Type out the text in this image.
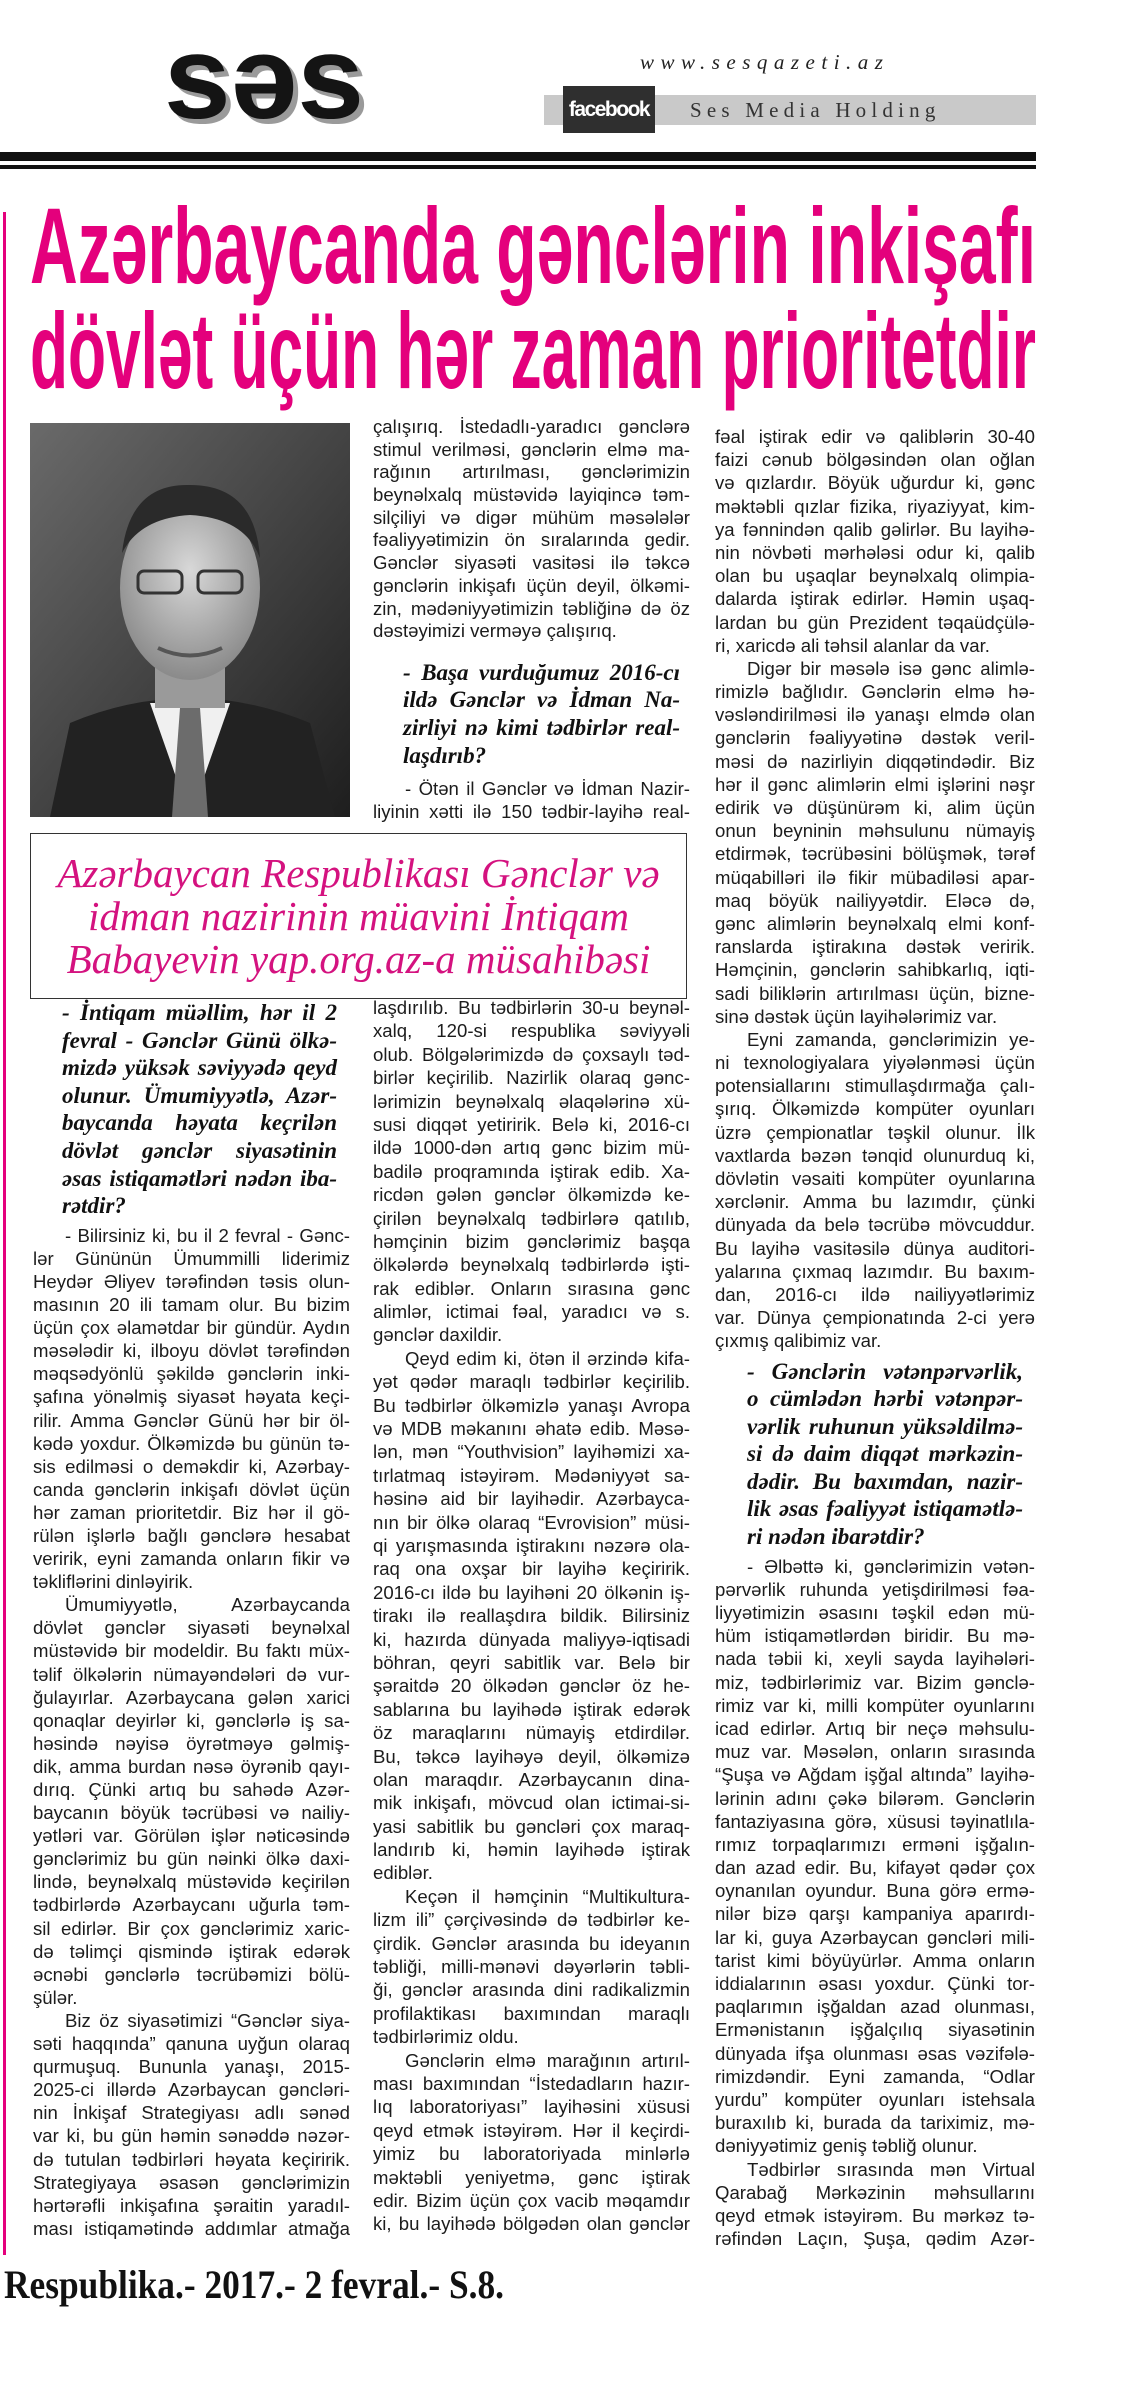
səs	www.sesqazeti.az
facebook Ses Media Holding
Azərbaycanda gənclərin inkişafı
dövlət üçün hər zaman prioritetdir
Azərbaycan Respublikası Gənclər və
idman nazirinin müavini İntiqam
Babayevin yap.org.az-a müsahibəsi
çalışırıq. İstedadlı-yaradıcı gənclərə
stimul verilməsi, gənclərin elmə ma-
rağının artırılması, gənclərimizin
beynəlxalq müstəvidə layiqincə təm-
silçiliyi və digər mühüm məsələlər
fəaliyyətimizin ön sıralarında gedir.
Gənclər siyasəti vasitəsi ilə təkcə
gənclərin inkişafı üçün deyil, ölkəmi-
zin, mədəniyyətimizin təbliğinə də öz
dəstəyimizi verməyə çalışırıq.
- Başa vurduğumuz 2016-cı
ildə Gənclər və İdman Na-
zirliyi nə kimi tədbirlər real-
laşdırıb?
- Ötən il Gənclər və İdman Nazir-
liyinin xətti ilə 150 tədbir-layihə real-
- İntiqam müəllim, hər il 2
fevral - Gənclər Günü ölkə-
mizdə yüksək səviyyədə qeyd
olunur. Ümumiyyətlə, Azər-
baycanda həyata keçrilən
dövlət gənclər siyasətinin
əsas istiqamətləri nədən iba-
rətdir?
- Bilirsiniz ki, bu il 2 fevral - Gənc-
lər Gününün Ümummilli liderimiz
Heydər Əliyev tərəfindən təsis olun-
masının 20 ili tamam olur. Bu bizim
üçün çox əlamətdar bir gündür. Aydın
məsələdir ki, ilboyu dövlət tərəfindən
məqsədyönlü şəkildə gənclərin inki-
şafına yönəlmiş siyasət həyata keçi-
rilir. Amma Gənclər Günü hər bir öl-
kədə yoxdur. Ölkəmizdə bu günün tə-
sis edilməsi o deməkdir ki, Azərbay-
canda gənclərin inkişafı dövlət üçün
hər zaman prioritetdir. Biz hər il gö-
rülən işlərlə bağlı gənclərə hesabat
veririk, eyni zamanda onların fikir və
təkliflərini dinləyirik.
Ümumiyyətlə, Azərbaycanda
dövlət gənclər siyasəti beynəlxal
müstəvidə bir modeldir. Bu faktı müx-
təlif ölkələrin nümayəndələri də vur-
ğulayırlar. Azərbaycana gələn xarici
qonaqlar deyirlər ki, gənclərlə iş sa-
həsində nəyisə öyrətməyə gəlmiş-
dik, amma burdan nəsə öyrənib qayı-
dırıq. Çünki artıq bu sahədə Azər-
baycanın böyük təcrübəsi və nailiy-
yətləri var. Görülən işlər nəticəsində
gənclərimiz bu gün nəinki ölkə daxi-
lində, beynəlxalq müstəvidə keçirilən
tədbirlərdə Azərbaycanı uğurla təm-
sil edirlər. Bir çox gənclərimiz xaric-
də təlimçi qismində iştirak edərək
əcnəbi gənclərlə təcrübəmizi bölü-
şülər.
Biz öz siyasətimizi “Gənclər siya-
səti haqqında” qanuna uyğun olaraq
qurmuşuq. Bununla yanaşı, 2015-
2025-ci illərdə Azərbaycan gəncləri-
nin İnkişaf Strategiyası adlı sənəd
var ki, bu gün həmin sənəddə nəzər-
də tutulan tədbirləri həyata keçiririk.
Strategiyaya əsasən gənclərimizin
hərtərəfli inkişafına şəraitin yaradıl-
ması istiqamətində addımlar atmağa
laşdırılıb. Bu tədbirlərin 30-u beynəl-
xalq, 120-si respublika səviyyəli
olub. Bölgələrimizdə də çoxsaylı təd-
birlər keçirilib. Nazirlik olaraq gənc-
lərimizin beynəlxalq əlaqələrinə xü-
susi diqqət yetiririk. Belə ki, 2016-cı
ildə 1000-dən artıq gənc bizim mü-
badilə proqramında iştirak edib. Xa-
ricdən gələn gənclər ölkəmizdə ke-
çirilən beynəlxalq tədbirlərə qatılıb,
həmçinin bizim gənclərimiz başqa
ölkələrdə beynəlxalq tədbirlərdə işti-
rak ediblər. Onların sırasına gənc
alimlər, ictimai fəal, yaradıcı və s.
gənclər daxildir.
Qeyd edim ki, ötən il ərzində kifa-
yət qədər maraqlı tədbirlər keçirilib.
Bu tədbirlər ölkəmizlə yanaşı Avropa
və MDB məkanını əhatə edib. Məsə-
lən, mən “Youthvision” layihəmizi xa-
tırlatmaq istəyirəm. Mədəniyyət sa-
həsinə aid bir layihədir. Azərbayca-
nın bir ölkə olaraq “Evrovision” müsi-
qi yarışmasında iştirakını nəzərə ola-
raq ona oxşar bir layihə keçiririk.
2016-cı ildə bu layihəni 20 ölkənin iş-
tirakı ilə reallaşdıra bildik. Bilirsiniz
ki, hazırda dünyada maliyyə-iqtisadi
böhran, qeyri sabitlik var. Belə bir
şəraitdə 20 ölkədən gənclər öz he-
sablarına bu layihədə iştirak edərək
öz maraqlarını nümayiş etdirdilər.
Bu, təkcə layihəyə deyil, ölkəmizə
olan maraqdır. Azərbaycanın dina-
mik inkişafı, mövcud olan ictimai-si-
yasi sabitlik bu gəncləri çox maraq-
landırıb ki, həmin layihədə iştirak
ediblər.
Keçən il həmçinin “Multikultura-
lizm ili” çərçivəsində də tədbirlər ke-
çirdik. Gənclər arasında bu ideyanın
təbliği, milli-mənəvi dəyərlərin təbli-
ği, gənclər arasında dini radikalizmin
profilaktikası baxımından maraqlı
tədbirlərimiz oldu.
Gənclərin elmə marağının artırıl-
ması baxımından “İstedadların hazır-
lıq laboratoriyası” layihəsini xüsusi
qeyd etmək istəyirəm. Hər il keçirdi-
yimiz bu laboratoriyada minlərlə
məktəbli yeniyetmə, gənc iştirak
edir. Bizim üçün çox vacib məqamdır
ki, bu layihədə bölgədən olan gənclər
fəal iştirak edir və qaliblərin 30-40
faizi cənub bölgəsindən olan oğlan
və qızlardır. Böyük uğurdur ki, gənc
məktəbli qızlar fizika, riyaziyyat, kim-
ya fənnindən qalib gəlirlər. Bu layihə-
nin növbəti mərhələsi odur ki, qalib
olan bu uşaqlar beynəlxalq olimpia-
dalarda iştirak edirlər. Həmin uşaq-
lardan bu gün Prezident təqaüdçülə-
ri, xaricdə ali təhsil alanlar da var.
Digər bir məsələ isə gənc alimlə-
rimizlə bağlıdır. Gənclərin elmə hə-
vəsləndirilməsi ilə yanaşı elmdə olan
gənclərin fəaliyyətinə dəstək veril-
məsi də nazirliyin diqqətindədir. Biz
hər il gənc alimlərin elmi işlərini nəşr
edirik və düşünürəm ki, alim üçün
onun beyninin məhsulunu nümayiş
etdirmək, təcrübəsini bölüşmək, tərəf
müqabilləri ilə fikir mübadiləsi apar-
maq böyük nailiyyətdir. Eləcə də,
gənc alimlərin beynəlxalq elmi konf-
ranslarda iştirakına dəstək veririk.
Həmçinin, gənclərin sahibkarlıq, iqti-
sadi biliklərin artırılması üçün, bizne-
sinə dəstək üçün layihələrimiz var.
Eyni zamanda, gənclərimizin ye-
ni texnologiyalara yiyələnməsi üçün
potensiallarını stimullaşdırmağa çalı-
şırıq. Ölkəmizdə kompüter oyunları
üzrə çempionatlar təşkil olunur. İlk
vaxtlarda bəzən tənqid olunurduq ki,
dövlətin vəsaiti kompüter oyunlarına
xərclənir. Amma bu lazımdır, çünki
dünyada da belə təcrübə mövcuddur.
Bu layihə vasitəsilə dünya auditori-
yalarına çıxmaq lazımdır. Bu baxım-
dan, 2016-cı ildə nailiyyətlərimiz
var. Dünya çempionatında 2-ci yerə
çıxmış qalibimiz var.
- Gənclərin vətənpərvərlik,
o cümlədən hərbi vətənpər-
vərlik ruhunun yüksəldilmə-
si də daim diqqət mərkəzin-
dədir. Bu baxımdan, nazir-
lik əsas fəaliyyət istiqamətlə-
ri nədən ibarətdir?
- Əlbəttə ki, gənclərimizin vətən-
pərvərlik ruhunda yetişdirilməsi fəa-
liyyətimizin əsasını təşkil edən mü-
hüm istiqamətlərdən biridir. Bu mə-
nada təbii ki, xeyli sayda layihələri-
miz, tədbirlərimiz var. Bizim gənclə-
rimiz var ki, milli kompüter oyunlarını
icad edirlər. Artıq bir neçə məhsulu-
muz var. Məsələn, onların sırasında
“Şuşa və Ağdam işğal altında” layihə-
lərinin adını çəkə bilərəm. Gənclərin
fantaziyasına görə, xüsusi təyinatlıla-
rımız torpaqlarımızı erməni işğalın-
dan azad edir. Bu, kifayət qədər çox
oynanılan oyundur. Buna görə ermə-
nilər bizə qarşı kampaniya aparırdı-
lar ki, guya Azərbaycan gəncləri mili-
tarist kimi böyüyürlər. Amma onların
iddialarının əsası yoxdur. Çünki tor-
paqlarımın işğaldan azad olunması,
Ermənistanın işğalçılıq siyasətinin
dünyada ifşa olunması əsas vəzifələ-
rimizdəndir. Eyni zamanda, “Odlar
yurdu” kompüter oyunları istehsala
buraxılıb ki, burada da tariximiz, mə-
dəniyyətimiz geniş təbliğ olunur.
Tədbirlər sırasında mən Virtual
Qarabağ Mərkəzinin məhsullarını
qeyd etmək istəyirəm. Bu mərkəz tə-
rəfindən Laçın, Şuşa, qədim Azər-
Respublika.- 2017.- 2 fevral.- S.8.
